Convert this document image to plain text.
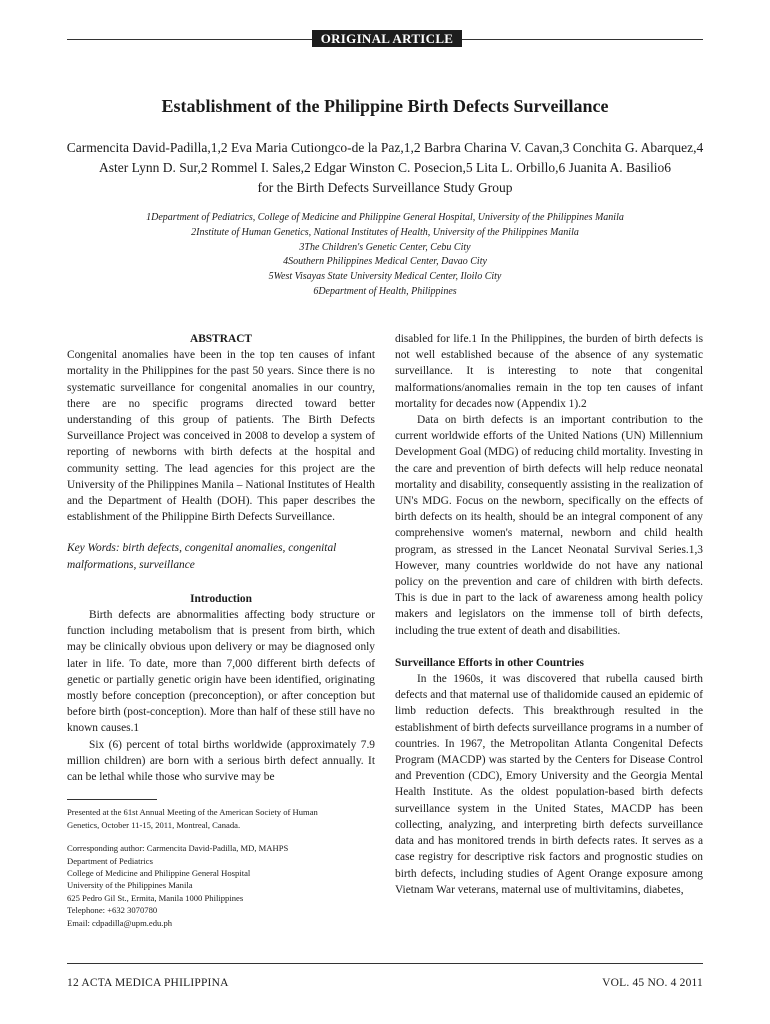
ORIGINAL ARTICLE
Establishment of the Philippine Birth Defects Surveillance
Carmencita David-Padilla,1,2 Eva Maria Cutiongco-de la Paz,1,2 Barbra Charina V. Cavan,3 Conchita G. Abarquez,4
Aster Lynn D. Sur,2 Rommel I. Sales,2 Edgar Winston C. Posecion,5 Lita L. Orbillo,6 Juanita A. Basilio6
for the Birth Defects Surveillance Study Group
1Department of Pediatrics, College of Medicine and Philippine General Hospital, University of the Philippines Manila
2Institute of Human Genetics, National Institutes of Health, University of the Philippines Manila
3The Children's Genetic Center, Cebu City
4Southern Philippines Medical Center, Davao City
5West Visayas State University Medical Center, Iloilo City
6Department of Health, Philippines

ABSTRACT

Congenital anomalies have been in the top ten causes of infant mortality in the Philippines for the past 50 years. Since there is no systematic surveillance for congenital anomalies in our country, there are no specific programs directed toward better understanding of this group of patients. The Birth Defects Surveillance Project was conceived in 2008 to develop a system of reporting of newborns with birth defects at the hospital and community setting. The lead agencies for this project are the University of the Philippines Manila – National Institutes of Health and the Department of Health (DOH). This paper describes the establishment of the Philippine Birth Defects Surveillance.

Key Words: birth defects, congenital anomalies, congenital malformations, surveillance

Introduction

Birth defects are abnormalities affecting body structure or function including metabolism that is present from birth, which may be clinically obvious upon delivery or may be diagnosed only later in life. To date, more than 7,000 different birth defects of genetic or partially genetic origin have been identified, originating mostly before conception (preconception), or after conception but before birth (post-conception). More than half of these still have no known causes.1

Six (6) percent of total births worldwide (approximately 7.9 million children) are born with a serious birth defect annually. It can be lethal while those who survive may be

Presented at the 61st Annual Meeting of the American Society of Human
Genetics, October 11-15, 2011, Montreal, Canada.
Corresponding author: Carmencita David-Padilla, MD, MAHPS
Department of Pediatrics
College of Medicine and Philippine General Hospital
University of the Philippines Manila
625 Pedro Gil St., Ermita, Manila 1000 Philippines
Telephone: +632 3070780
Email: cdpadilla@upm.edu.ph

disabled for life.1 In the Philippines, the burden of birth defects is not well established because of the absence of any systematic surveillance. It is interesting to note that congenital malformations/anomalies remain in the top ten causes of infant mortality for decades now (Appendix 1).2

Data on birth defects is an important contribution to the current worldwide efforts of the United Nations (UN) Millennium Development Goal (MDG) of reducing child mortality. Investing in the care and prevention of birth defects will help reduce neonatal mortality and disability, consequently assisting in the realization of UN's MDG. Focus on the newborn, specifically on the effects of birth defects on its health, should be an integral component of any comprehensive women's maternal, newborn and child health program, as stressed in the Lancet Neonatal Survival Series.1,3 However, many countries worldwide do not have any national policy on the prevention and care of children with birth defects. This is due in part to the lack of awareness among health policy makers and legislators on the immense toll of birth defects, including the true extent of death and disabilities.

Surveillance Efforts in other Countries

In the 1960s, it was discovered that rubella caused birth defects and that maternal use of thalidomide caused an epidemic of limb reduction defects. This breakthrough resulted in the establishment of birth defects surveillance programs in a number of countries. In 1967, the Metropolitan Atlanta Congenital Defects Program (MACDP) was started by the Centers for Disease Control and Prevention (CDC), Emory University and the Georgia Mental Health Institute. As the oldest population-based birth defects surveillance system in the United States, MACDP has been collecting, analyzing, and interpreting birth defects surveillance data and has monitored trends in birth defects rates. It serves as a case registry for descriptive risk factors and prognostic studies on birth defects, including studies of Agent Orange exposure among Vietnam War veterans, maternal use of multivitamins, diabetes,

12 ACTA MEDICA PHILIPPINA	VOL. 45 NO. 4 2011
